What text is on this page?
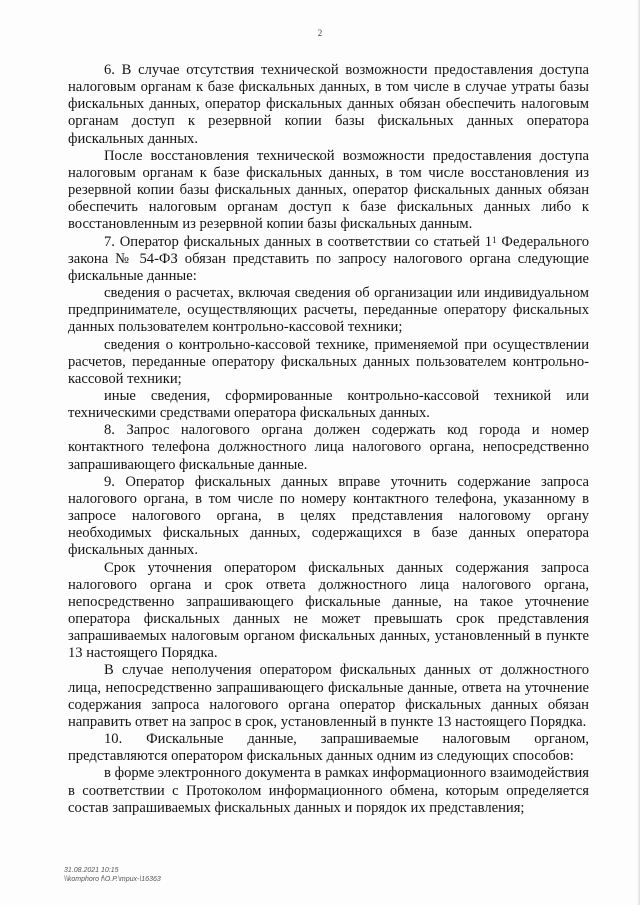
2

6. В случае отсутствия технической возможности предоставления доступа налоговым органам к базе фискальных данных, в том числе в случае утраты базы фискальных данных, оператор фискальных данных обязан обеспечить налоговым органам доступ к резервной копии базы фискальных данных оператора фискальных данных.

После восстановления технической возможности предоставления доступа налоговым органам к базе фискальных данных, в том числе восстановления из резервной копии базы фискальных данных, оператор фискальных данных обязан обеспечить налоговым органам доступ к базе фискальных данных либо к восстановленным из резервной копии базы фискальных данным.

7. Оператор фискальных данных в соответствии со статьей $1^1$ Федерального закона № 54-ФЗ обязан представить по запросу налогового органа следующие фискальные данные:

сведения о расчетах, включая сведения об организации или индивидуальном предпринимателе, осуществляющих расчеты, переданные оператору фискальных данных пользователем контрольно-кассовой техники;

сведения о контрольно-кассовой технике, применяемой при осуществлении расчетов, переданные оператору фискальных данных пользователем контрольно-кассовой техники;

иные сведения, сформированные контрольно-кассовой техникой или техническими средствами оператора фискальных данных.

8. Запрос налогового органа должен содержать код города и номер контактного телефона должностного лица налогового органа, непосредственно запрашивающего фискальные данные.

9. Оператор фискальных данных вправе уточнить содержание запроса налогового органа, в том числе по номеру контактного телефона, указанному в запросе налогового органа, в целях представления налоговому органу необходимых фискальных данных, содержащихся в базе данных оператора фискальных данных.

Срок уточнения оператором фискальных данных содержания запроса налогового органа и срок ответа должностного лица налогового органа, непосредственно запрашивающего фискальные данные, на такое уточнение оператора фискальных данных не может превышать срок представления запрашиваемых налоговым органом фискальных данных, установленный в пункте 13 настоящего Порядка.

В случае неполучения оператором фискальных данных от должностного лица, непосредственно запрашивающего фискальные данные, ответа на уточнение содержания запроса налогового органа оператор фискальных данных обязан направить ответ на запрос в срок, установленный в пункте 13 настоящего Порядка.

10. Фискальные данные, запрашиваемые налоговым органом, представляются оператором фискальных данных одним из следующих способов:

в форме электронного документа в рамках информационного взаимодействия в соответствии с Протоколом информационного обмена, которым определяется состав запрашиваемых фискальных данных и порядок их представления;

31.08.2021 10:15
\\komphoro f\O.P.\mpux-\16363
